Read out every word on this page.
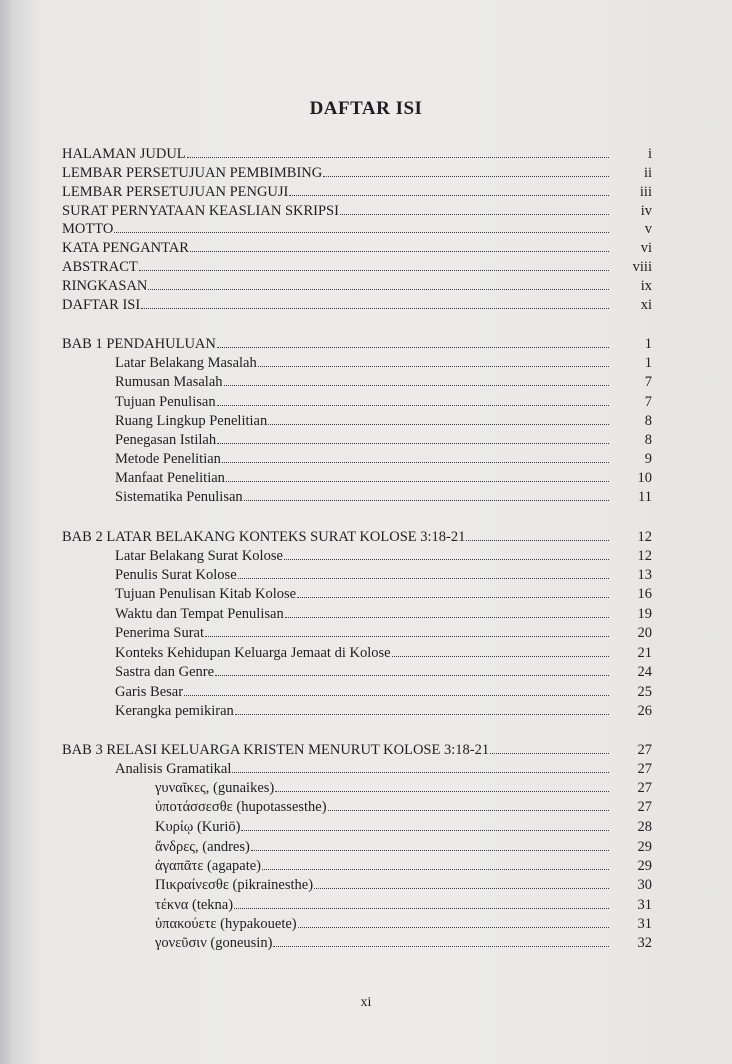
DAFTAR ISI
HALAMAN JUDUL	i
LEMBAR PERSETUJUAN PEMBIMBING	ii
LEMBAR PERSETUJUAN PENGUJI	iii
SURAT PERNYATAAN KEASLIAN SKRIPSI	iv
MOTTO	v
KATA PENGANTAR	vi
ABSTRACT	viii
RINGKASAN	ix
DAFTAR ISI	xi
BAB 1 PENDAHULUAN	1
Latar Belakang Masalah	1
Rumusan Masalah	7
Tujuan Penulisan	7
Ruang Lingkup Penelitian	8
Penegasan Istilah	8
Metode Penelitian	9
Manfaat Penelitian	10
Sistematika Penulisan	11
BAB 2 LATAR BELAKANG KONTEKS SURAT KOLOSE 3:18-21	12
Latar Belakang Surat Kolose	12
Penulis Surat Kolose	13
Tujuan Penulisan Kitab Kolose	16
Waktu dan Tempat Penulisan	19
Penerima Surat	20
Konteks Kehidupan Keluarga Jemaat di Kolose	21
Sastra dan Genre	24
Garis Besar	25
Kerangka pemikiran	26
BAB 3 RELASI KELUARGA KRISTEN MENURUT KOLOSE 3:18-21	27
Analisis Gramatikal	27
γυναῖκες, (gunaikes)	27
ὑποτάσσεσθε (hupotassesthe)	27
Κυρίῳ (Kuriō)	28
ἄνδρες, (andres)	29
ἀγαπᾶτε (agapate)	29
Πικραίνεσθε (pikrainesthe)	30
τέκνα (tekna)	31
ὑπακούετε (hypakouete)	31
γονεῦσιν (goneusin)	32
xi
